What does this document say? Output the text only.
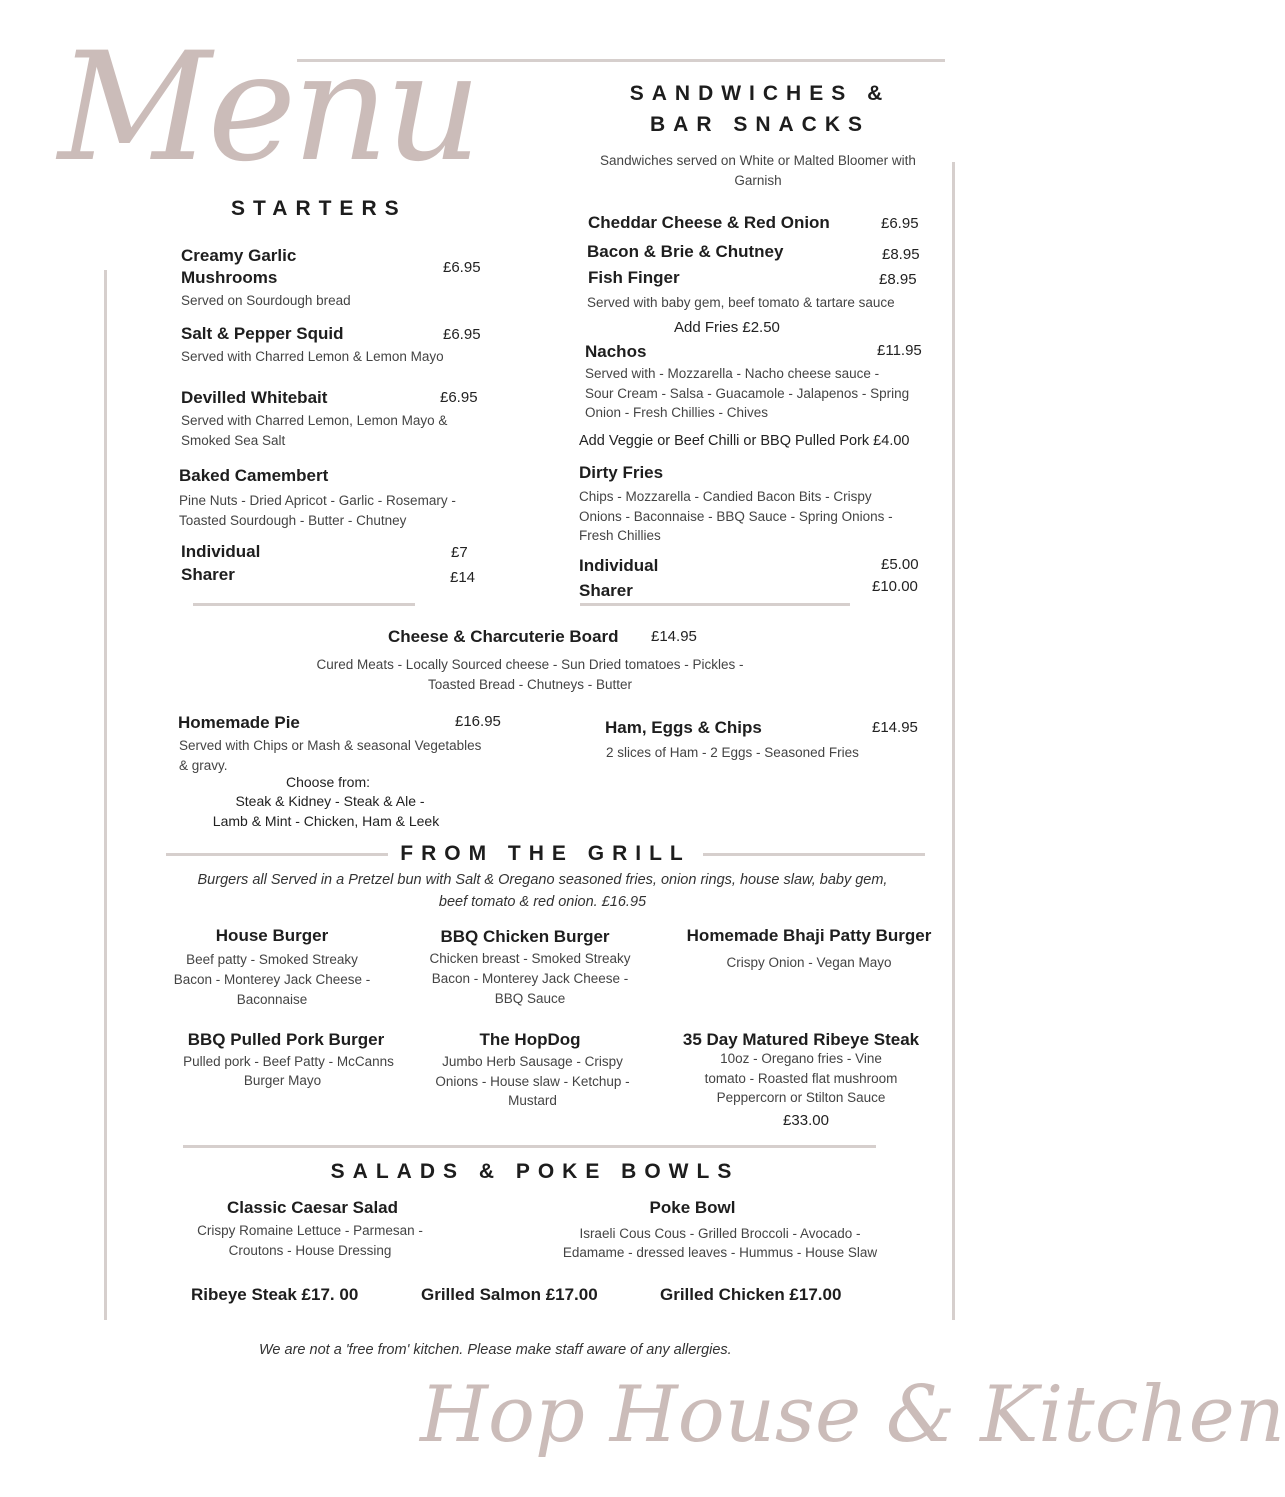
Menu
Hop House & Kitchen
STARTERS
Creamy Garlic
Mushrooms
£6.95
Served on Sourdough bread
Salt & Pepper Squid	£6.95
Served with Charred Lemon & Lemon Mayo
Devilled Whitebait	£6.95
Served with Charred Lemon, Lemon Mayo &
Smoked Sea Salt
Baked Camembert
Pine Nuts - Dried Apricot - Garlic - Rosemary -
Toasted Sourdough - Butter - Chutney
Individual	£7
Sharer	£14
SANDWICHES &
BAR SNACKS
Sandwiches served on White or Malted Bloomer with
Garnish
Cheddar Cheese & Red Onion	£6.95
Bacon & Brie & Chutney	£8.95
Fish Finger	£8.95
Served with baby gem, beef tomato & tartare sauce
Add Fries £2.50
Nachos	£11.95
Served with - Mozzarella - Nacho cheese sauce -
Sour Cream - Salsa - Guacamole - Jalapenos - Spring
Onion - Fresh Chillies - Chives
Add Veggie or Beef Chilli or BBQ Pulled Pork £4.00
Dirty Fries
Chips - Mozzarella - Candied Bacon Bits - Crispy
Onions - Baconnaise - BBQ Sauce - Spring Onions -
Fresh Chillies
Individual	£5.00
Sharer	£10.00
Cheese & Charcuterie Board £14.95
Cured Meats - Locally Sourced cheese - Sun Dried tomatoes - Pickles -
Toasted Bread - Chutneys - Butter
Homemade Pie	£16.95
Served with Chips or Mash & seasonal Vegetables
& gravy.
Choose from:
Steak & Kidney - Steak & Ale -
Lamb & Mint - Chicken, Ham & Leek
Ham, Eggs & Chips	£14.95
2 slices of Ham - 2 Eggs - Seasoned Fries
FROM THE GRILL
Burgers all Served in a Pretzel bun with Salt & Oregano seasoned fries, onion rings, house slaw, baby gem,
beef tomato & red onion. £16.95
House Burger
Beef patty - Smoked Streaky
Bacon - Monterey Jack Cheese -
Baconnaise
BBQ Chicken Burger
Chicken breast - Smoked Streaky
Bacon - Monterey Jack Cheese -
BBQ Sauce
Homemade Bhaji Patty Burger
Crispy Onion - Vegan Mayo
BBQ Pulled Pork Burger
Pulled pork - Beef Patty - McCanns
Burger Mayo
The HopDog
Jumbo Herb Sausage - Crispy
Onions - House slaw - Ketchup -
Mustard
35 Day Matured Ribeye Steak
10oz - Oregano fries - Vine
tomato - Roasted flat mushroom
Peppercorn or Stilton Sauce
£33.00
SALADS & POKE BOWLS
Classic Caesar Salad
Crispy Romaine Lettuce - Parmesan -
Croutons - House Dressing
Poke Bowl
Israeli Cous Cous - Grilled Broccoli - Avocado -
Edamame - dressed leaves - Hummus - House Slaw
Ribeye Steak £17. 00	Grilled Salmon £17.00	Grilled Chicken £17.00
We are not a 'free from' kitchen. Please make staff aware of any allergies.
